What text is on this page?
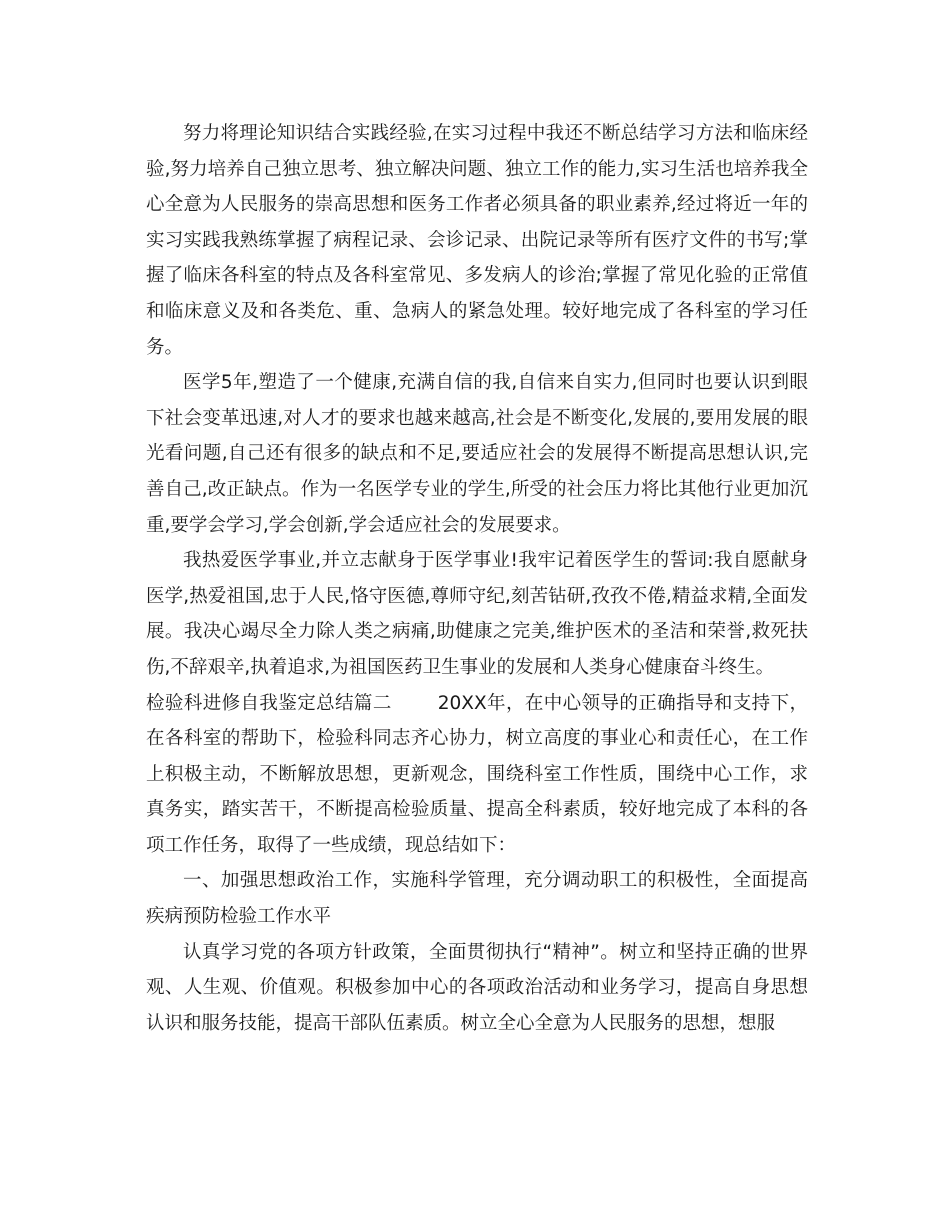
努力将理论知识结合实践经验,在实习过程中我还不断总结学习方法和临床经验,努力培养自己独立思考、独立解决问题、独立工作的能力,实习生活也培养我全心全意为人民服务的崇高思想和医务工作者必须具备的职业素养,经过将近一年的实习实践我熟练掌握了病程记录、会诊记录、出院记录等所有医疗文件的书写;掌握了临床各科室的特点及各科室常见、多发病人的诊治;掌握了常见化验的正常值和临床意义及和各类危、重、急病人的紧急处理。较好地完成了各科室的学习任务。

医学5年,塑造了一个健康,充满自信的我,自信来自实力,但同时也要认识到眼下社会变革迅速,对人才的要求也越来越高,社会是不断变化,发展的,要用发展的眼光看问题,自己还有很多的缺点和不足,要适应社会的发展得不断提高思想认识,完善自己,改正缺点。作为一名医学专业的学生,所受的社会压力将比其他行业更加沉重,要学会学习,学会创新,学会适应社会的发展要求。

我热爱医学事业,并立志献身于医学事业!我牢记着医学生的誓词:我自愿献身医学,热爱祖国,忠于人民,恪守医德,尊师守纪,刻苦钻研,孜孜不倦,精益求精,全面发展。我决心竭尽全力除人类之病痛,助健康之完美,维护医术的圣洁和荣誉,救死扶伤,不辞艰辛,执着追求,为祖国医药卫生事业的发展和人类身心健康奋斗终生。

检验科进修自我鉴定总结篇二 20XX年，在中心领导的正确指导和支持下，在各科室的帮助下，检验科同志齐心协力，树立高度的事业心和责任心，在工作上积极主动，不断解放思想，更新观念，围绕科室工作性质，围绕中心工作，求真务实，踏实苦干，不断提高检验质量、提高全科素质，较好地完成了本科的各项工作任务，取得了一些成绩，现总结如下：

一、加强思想政治工作，实施科学管理，充分调动职工的积极性，全面提高疾病预防检验工作水平

认真学习党的各项方针政策，全面贯彻执行“精神”。树立和坚持正确的世界观、人生观、价值观。积极参加中心的各项政治活动和业务学习，提高自身思想认识和服务技能，提高干部队伍素质。树立全心全意为人民服务的思想，想服
